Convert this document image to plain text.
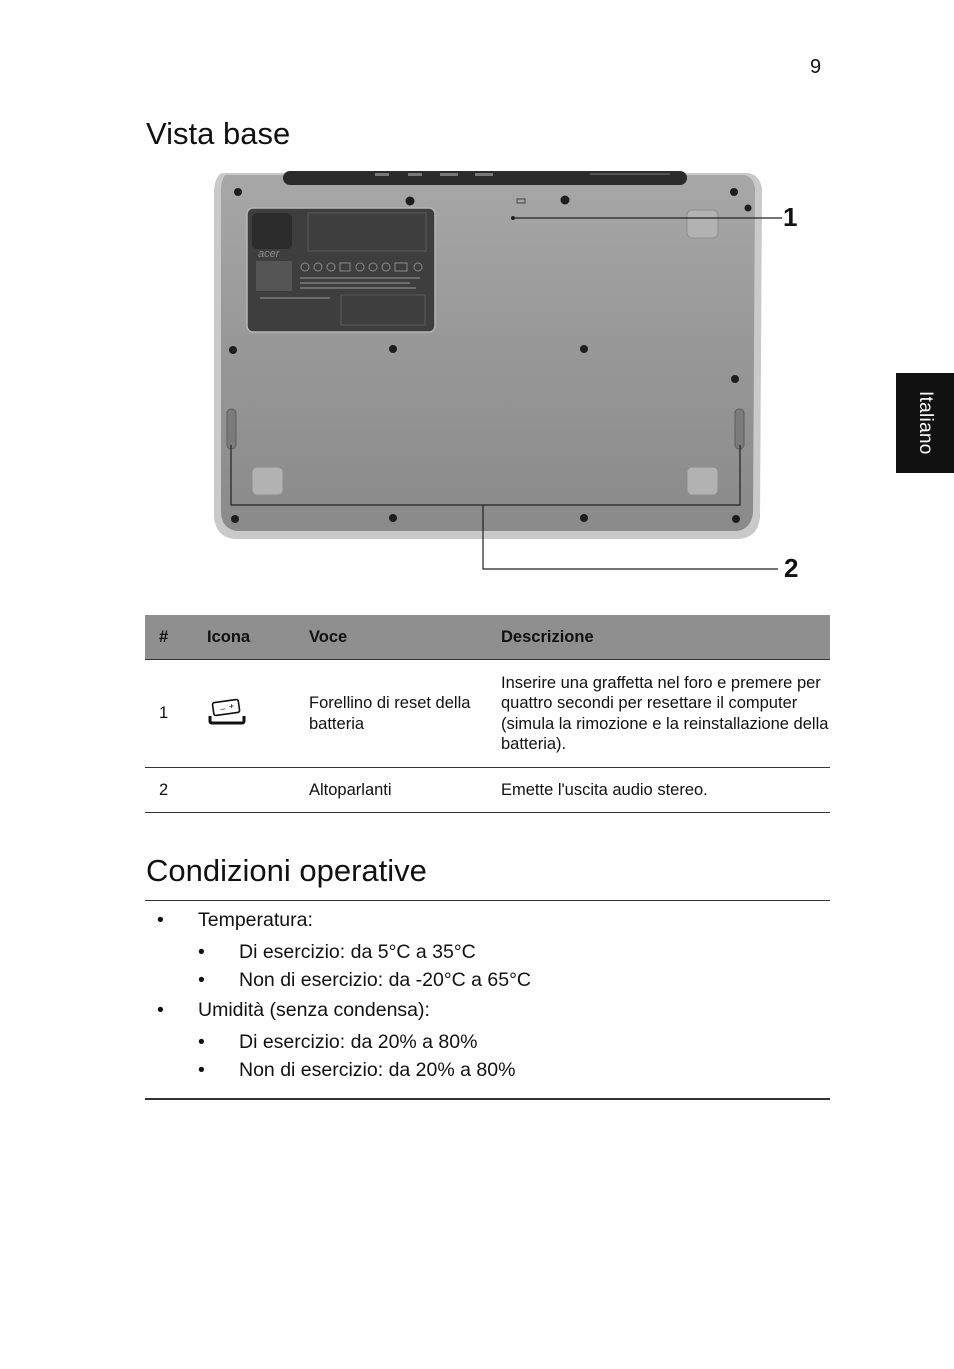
9
Italiano
Vista base
acer
1
2
#	Icona	Voce	Descrizione
1	– +	Forellino di reset della batteria	Inserire una graffetta nel foro e premere per quattro secondi per resettare il computer (simula la rimozione e la reinstallazione della batteria).
2		Altoparlanti	Emette l'uscita audio stereo.
Condizioni operative
• Temperatura:
• Di esercizio: da 5°C a 35°C
• Non di esercizio: da -20°C a 65°C
• Umidità (senza condensa):
• Di esercizio: da 20% a 80%
• Non di esercizio: da 20% a 80%
